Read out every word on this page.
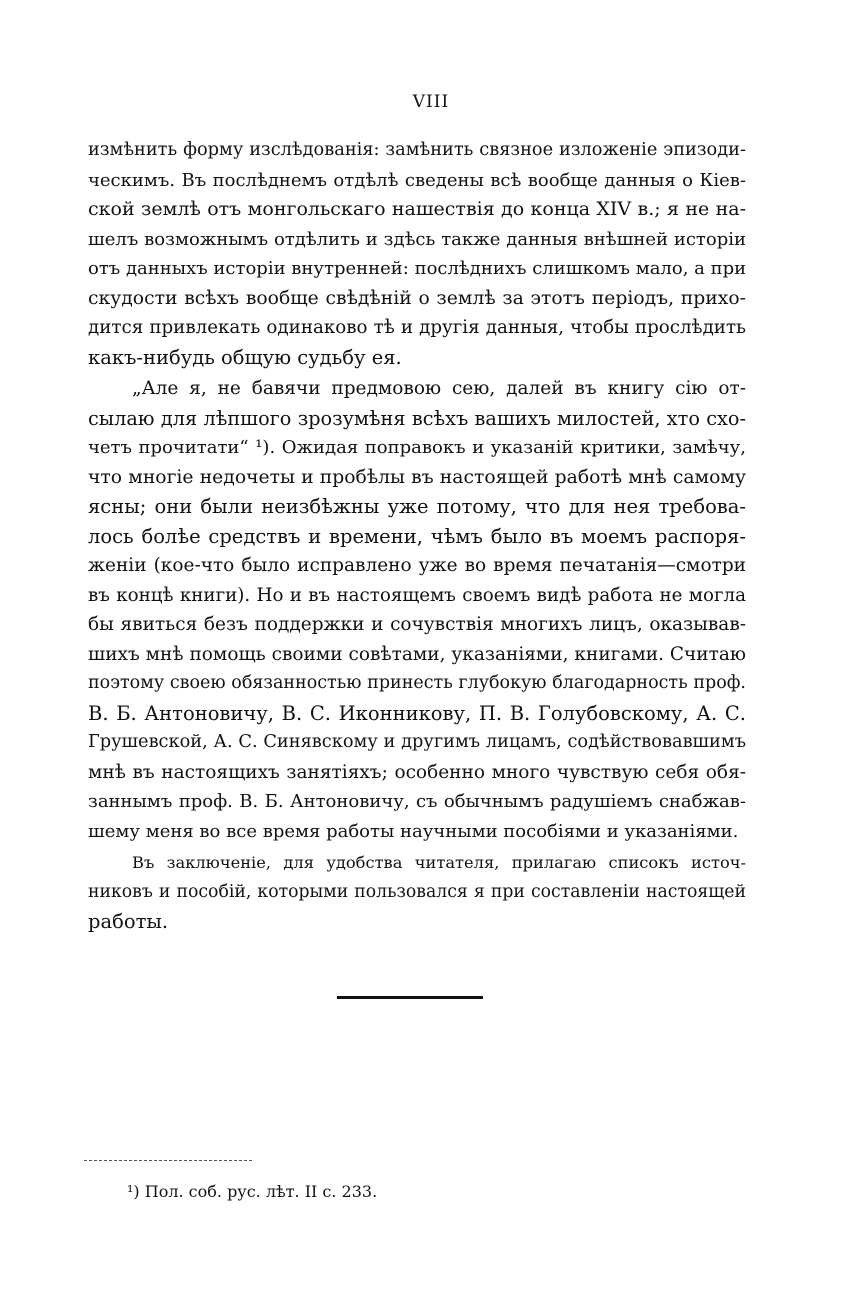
VIII
измѣнить форму изслѣдованія: замѣнить связное изложеніе эпизоди-
ческимъ. Въ послѣднемъ отдѣлѣ сведены всѣ вообще данныя о Кіев-
ской землѣ отъ монгольскаго нашествія до конца XIV в.; я не на-
шелъ возможнымъ отдѣлить и здѣсь также данныя внѣшней исторіи
отъ данныхъ исторіи внутренней: послѣднихъ слишкомъ мало, а при
скудости всѣхъ вообще свѣдѣній о землѣ за этотъ періодъ, прихо-
дится привлекать одинаково тѣ и другія данныя, чтобы прослѣдить
какъ-нибудь общую судьбу ея.
„Але я, не бавячи предмовою сею, далей въ книгу сію от-
сылаю для лѣпшого зрозумѣня всѣхъ вашихъ милостей, хто схо-
четъ прочитати“ ¹). Ожидая поправокъ и указаній критики, замѣчу,
что многіе недочеты и пробѣлы въ настоящей работѣ мнѣ самому
ясны; они были неизбѣжны уже потому, что для нея требова-
лось болѣе средствъ и времени, чѣмъ было въ моемъ распоря-
женіи (кое-что было исправлено уже во время печатанія—смотри
въ концѣ книги). Но и въ настоящемъ своемъ видѣ работа не могла
бы явиться безъ поддержки и сочувствія многихъ лицъ, оказывав-
шихъ мнѣ помощь своими совѣтами, указаніями, книгами. Считаю
поэтому своею обязанностью принесть глубокую благодарность проф.
В. Б. Антоновичу, В. С. Иконникову, П. В. Голубовскому, А. С.
Грушевской, А. С. Синявскому и другимъ лицамъ, содѣйствовавшимъ
мнѣ въ настоящихъ занятіяхъ; особенно много чувствую себя обя-
заннымъ проф. В. Б. Антоновичу, съ обычнымъ радушіемъ снабжав-
шему меня во все время работы научными пособіями и указаніями.
Въ заключеніе, для удобства читателя, прилагаю списокъ источ-
никовъ и пособій, которыми пользовался я при составленіи настоящей
работы.
¹) Пол. соб. рус. лѣт. II с. 233.
